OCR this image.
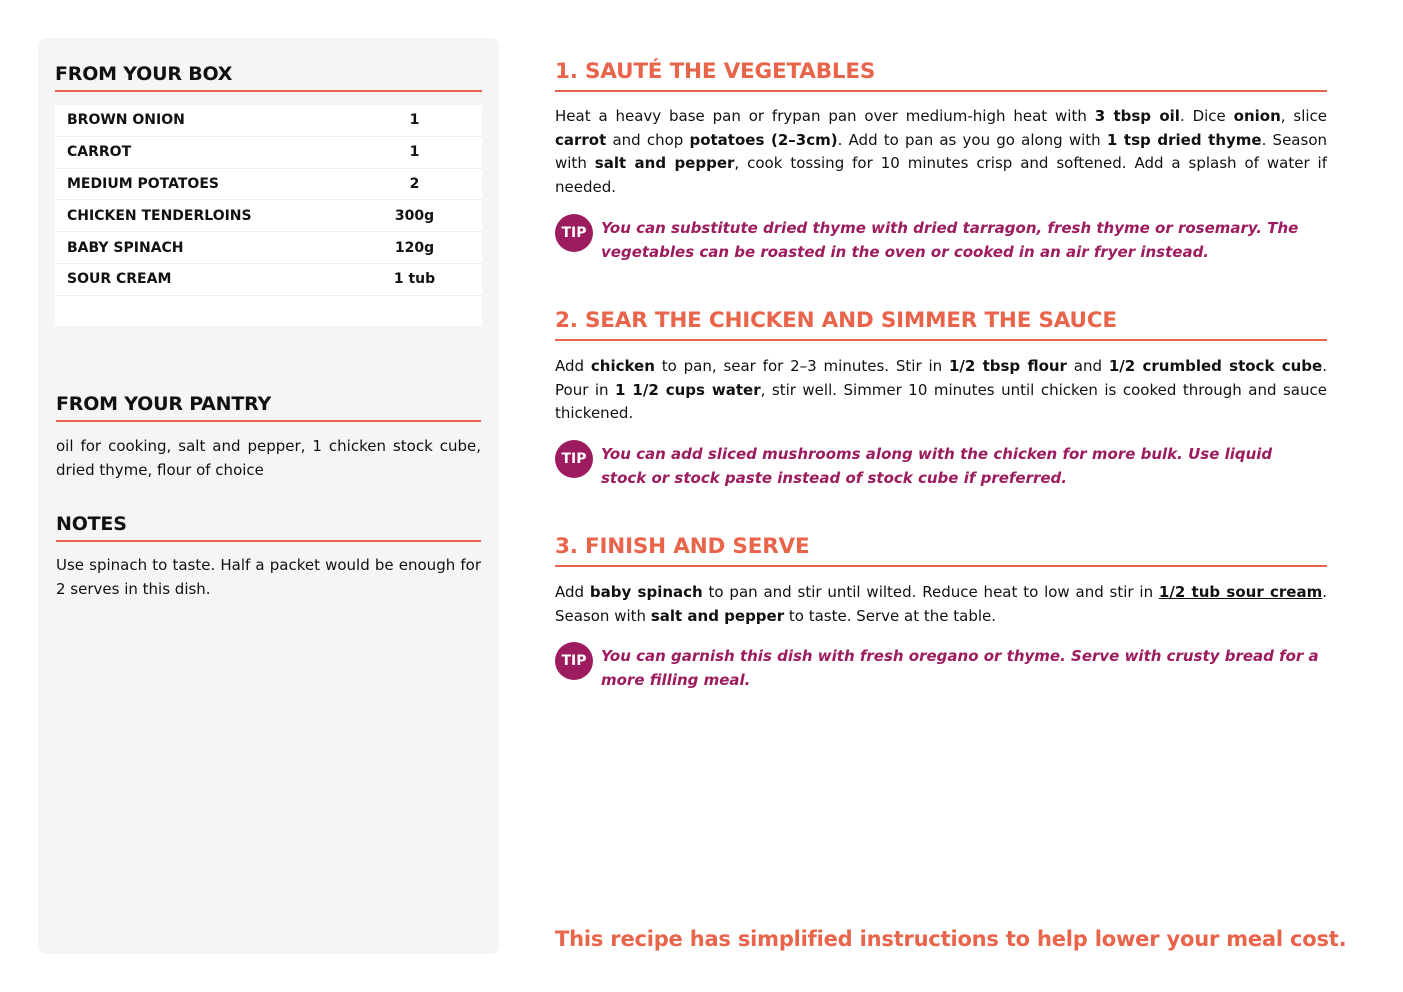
FROM YOUR BOX
BROWN ONION	1
CARROT	1
MEDIUM POTATOES	2
CHICKEN TENDERLOINS	300g
BABY SPINACH	120g
SOUR CREAM	1 tub
FROM YOUR PANTRY
oil for cooking, salt and pepper, 1 chicken stock cube, dried thyme, flour of choice
NOTES
Use spinach to taste. Half a packet would be enough for 2 serves in this dish.
1. SAUTÉ THE VEGETABLES

Heat a heavy base pan or frypan pan over medium-high heat with 3 tbsp oil. Dice onion, slice carrot and chop potatoes (2–3cm). Add to pan as you go along with 1 tsp dried thyme. Season with salt and pepper, cook tossing for 10 minutes crisp and softened. Add a splash of water if needed.

TIP You can substitute dried thyme with dried tarragon, fresh thyme or rosemary. The vegetables can be roasted in the oven or cooked in an air fryer instead.
2. SEAR THE CHICKEN AND SIMMER THE SAUCE

Add chicken to pan, sear for 2–3 minutes. Stir in 1/2 tbsp flour and 1/2 crumbled stock cube. Pour in 1 1/2 cups water, stir well. Simmer 10 minutes until chicken is cooked through and sauce thickened.

TIP You can add sliced mushrooms along with the chicken for more bulk. Use liquid stock or stock paste instead of stock cube if preferred.
3. FINISH AND SERVE

Add baby spinach to pan and stir until wilted. Reduce heat to low and stir in 1/2 tub sour cream. Season with salt and pepper to taste. Serve at the table.

TIP You can garnish this dish with fresh oregano or thyme. Serve with crusty bread for a more filling meal.
This recipe has simplified instructions to help lower your meal cost.
